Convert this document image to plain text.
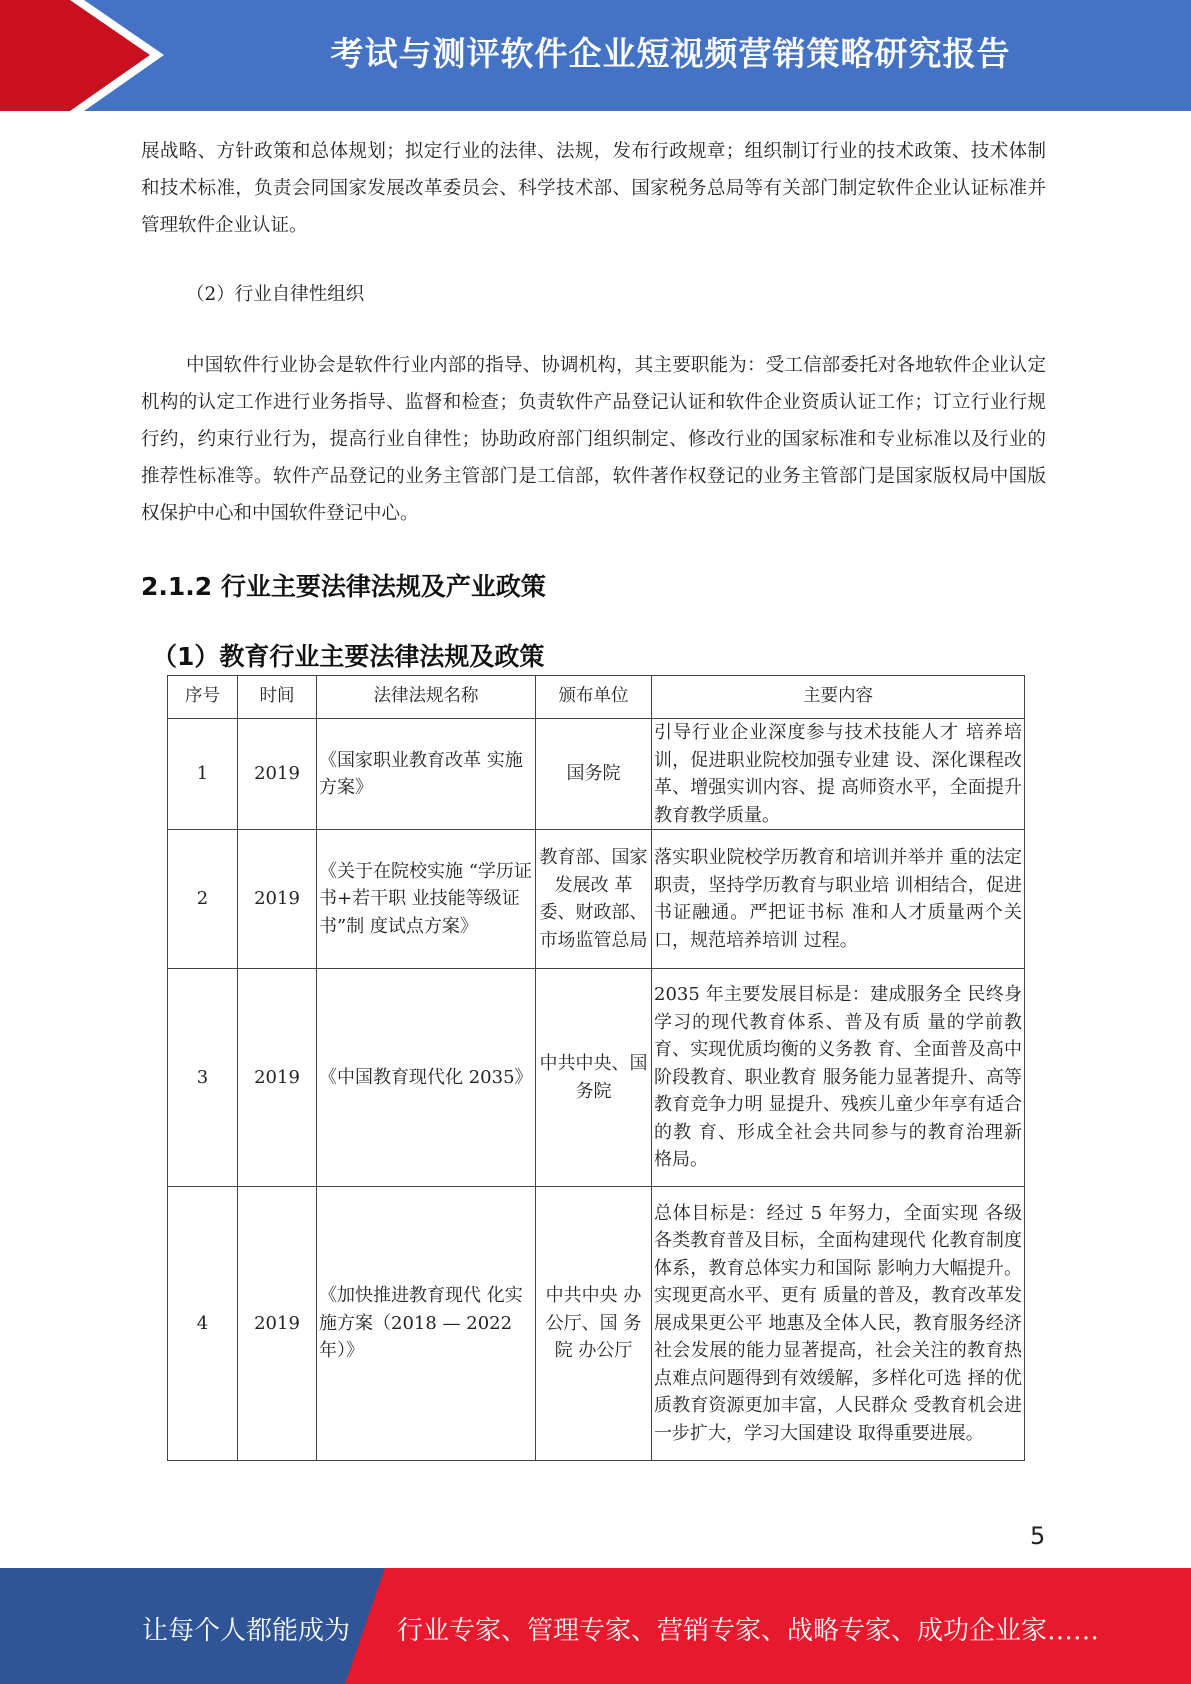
考试与测评软件企业短视频营销策略研究报告
展战略、方针政策和总体规划；拟定行业的法律、法规，发布行政规章；组织制订行业的技术政策、技术体制和技术标准，负责会同国家发展改革委员会、科学技术部、国家税务总局等有关部门制定软件企业认证标准并管理软件企业认证。
（2）行业自律性组织
中国软件行业协会是软件行业内部的指导、协调机构，其主要职能为：受工信部委托对各地软件企业认定机构的认定工作进行业务指导、监督和检查；负责软件产品登记认证和软件企业资质认证工作；订立行业行规行约，约束行业行为，提高行业自律性；协助政府部门组织制定、修改行业的国家标准和专业标准以及行业的推荐性标准等。软件产品登记的业务主管部门是工信部，软件著作权登记的业务主管部门是国家版权局中国版权保护中心和中国软件登记中心。
2.1.2 行业主要法律法规及产业政策
（1）教育行业主要法律法规及政策
序号	时间	法律法规名称	颁布单位	主要内容
1	2019	《国家职业教育改革 实施方案》	国务院	引导行业企业深度参与技术技能人才 培养培训，促进职业院校加强专业建 设、深化课程改革、增强实训内容、提 高师资水平，全面提升教育教学质量。
2	2019	《关于在院校实施 “学历证书+若干职 业技能等级证书”制 度试点方案》	教育部、国家发展改 革委、财政部、市场监管总局	落实职业院校学历教育和培训并举并 重的法定职责，坚持学历教育与职业培 训相结合，促进书证融通。严把证书标 准和人才质量两个关口，规范培养培训 过程。
3	2019	《中国教育现代化 2035》	中共中央、国务院	2035 年主要发展目标是：建成服务全 民终身学习的现代教育体系、普及有质 量的学前教育、实现优质均衡的义务教 育、全面普及高中阶段教育、职业教育 服务能力显著提升、高等教育竞争力明 显提升、残疾儿童少年享有适合的教 育、形成全社会共同参与的教育治理新 格局。
4	2019	《加快推进教育现代 化实施方案（2018 — 2022 年）》	中共中央 办公厅、国 务院 办公厅	总体目标是：经过 5 年努力，全面实现 各级各类教育普及目标，全面构建现代 化教育制度体系，教育总体实力和国际 影响力大幅提升。实现更高水平、更有 质量的普及，教育改革发展成果更公平 地惠及全体人民，教育服务经济社会发展的能力显著提高，社会关注的教育热 点难点问题得到有效缓解，多样化可选 择的优质教育资源更加丰富，人民群众 受教育机会进一步扩大，学习大国建设 取得重要进展。
5
让每个人都能成为 行业专家、管理专家、营销专家、战略专家、成功企业家……
